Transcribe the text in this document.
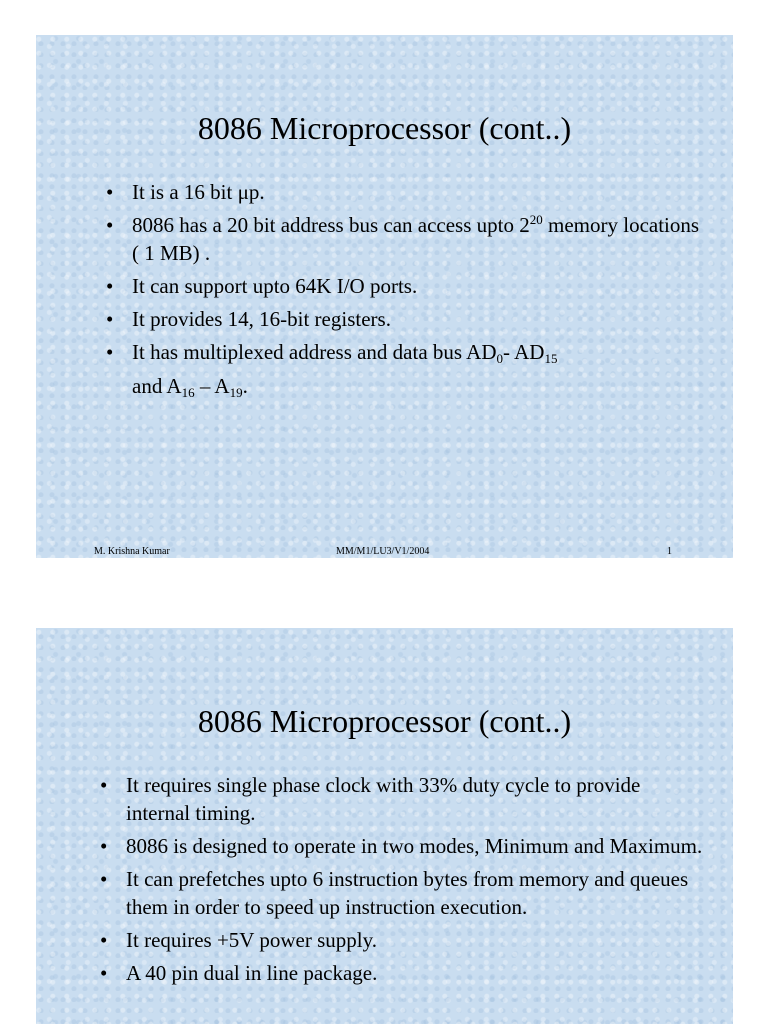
8086 Microprocessor (cont..)
• It is a 16 bit μp.
• 8086 has a 20 bit address bus can access upto $2^{20}$ memory locations ( 1 MB) .
• It can support upto 64K I/O ports.
• It provides 14, 16-bit registers.
• It has multiplexed address and data bus $AD_0-$ $AD_{15}$
and $A_{16} - A_{19}$.
M. Krishna Kumar	MM/M1/LU3/V1/2004	1
8086 Microprocessor (cont..)
• It requires single phase clock with 33% duty cycle to provide internal timing.
• 8086 is designed to operate in two modes, Minimum and Maximum.
• It can prefetches upto 6 instruction bytes from memory and queues them in order to speed up instruction execution.
• It requires +5V power supply.
• A 40 pin dual in line package.
